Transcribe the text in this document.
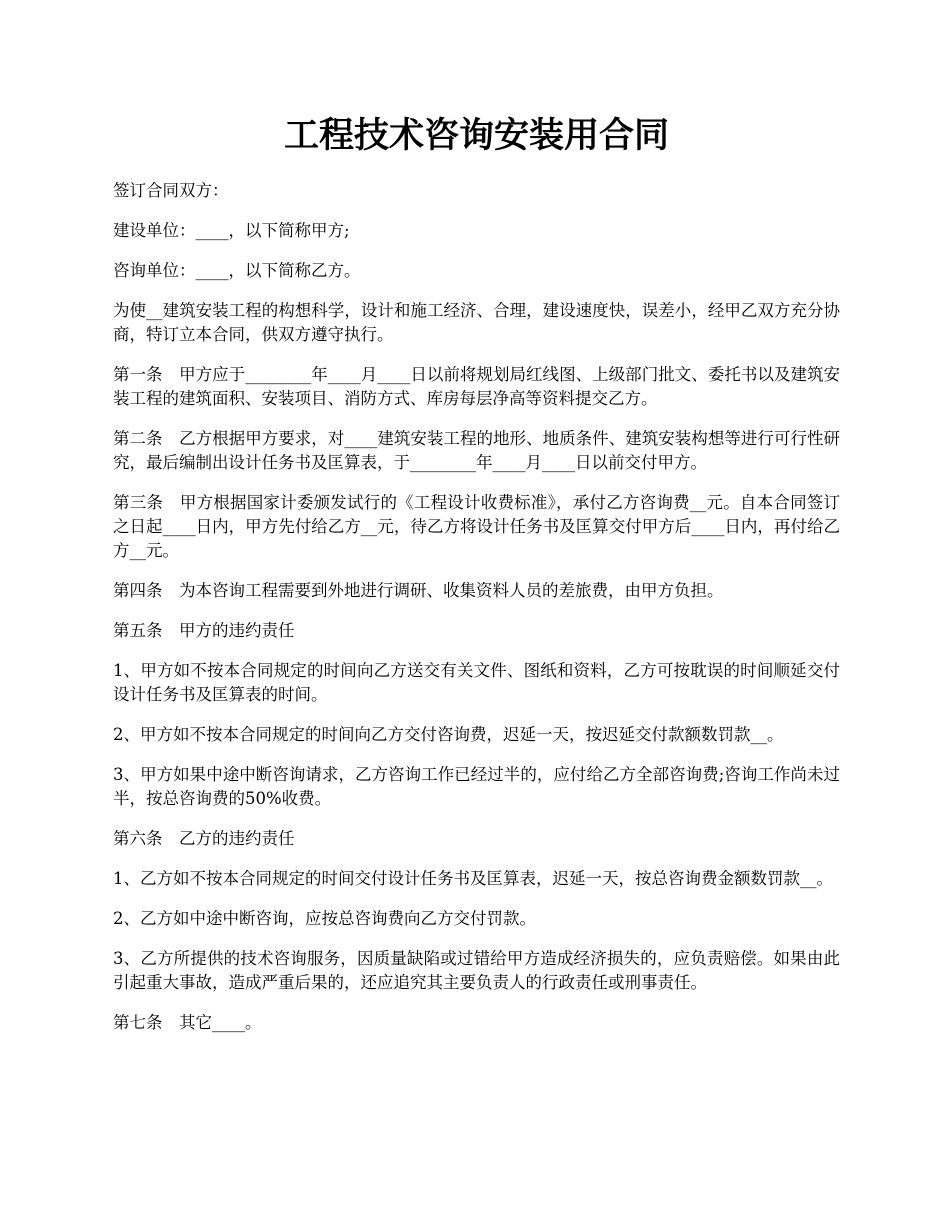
工程技术咨询安装用合同

签订合同双方：

建设单位：____，以下简称甲方;

咨询单位：____，以下简称乙方。

为使__建筑安装工程的构想科学，设计和施工经济、合理，建设速度快，误差小，经甲乙双方充分协商，特订立本合同，供双方遵守执行。

第一条　甲方应于________年____月____日以前将规划局红线图、上级部门批文、委托书以及建筑安装工程的建筑面积、安装项目、消防方式、库房每层净高等资料提交乙方。

第二条　乙方根据甲方要求，对____建筑安装工程的地形、地质条件、建筑安装构想等进行可行性研究，最后编制出设计任务书及匡算表，于________年____月____日以前交付甲方。

第三条　甲方根据国家计委颁发试行的《工程设计收费标准》，承付乙方咨询费__元。自本合同签订之日起____日内，甲方先付给乙方__元，待乙方将设计任务书及匡算交付甲方后____日内，再付给乙方__元。

第四条　为本咨询工程需要到外地进行调研、收集资料人员的差旅费，由甲方负担。

第五条　甲方的违约责任

1、甲方如不按本合同规定的时间向乙方送交有关文件、图纸和资料，乙方可按耽误的时间顺延交付设计任务书及匡算表的时间。

2、甲方如不按本合同规定的时间向乙方交付咨询费，迟延一天，按迟延交付款额数罚款__。

3、甲方如果中途中断咨询请求，乙方咨询工作已经过半的，应付给乙方全部咨询费;咨询工作尚未过半，按总咨询费的50%收费。

第六条　乙方的违约责任

1、乙方如不按本合同规定的时间交付设计任务书及匡算表，迟延一天，按总咨询费金额数罚款__。

2、乙方如中途中断咨询，应按总咨询费向乙方交付罚款。

3、乙方所提供的技术咨询服务，因质量缺陷或过错给甲方造成经济损失的，应负责赔偿。如果由此引起重大事故，造成严重后果的，还应追究其主要负责人的行政责任或刑事责任。

第七条　其它____。
